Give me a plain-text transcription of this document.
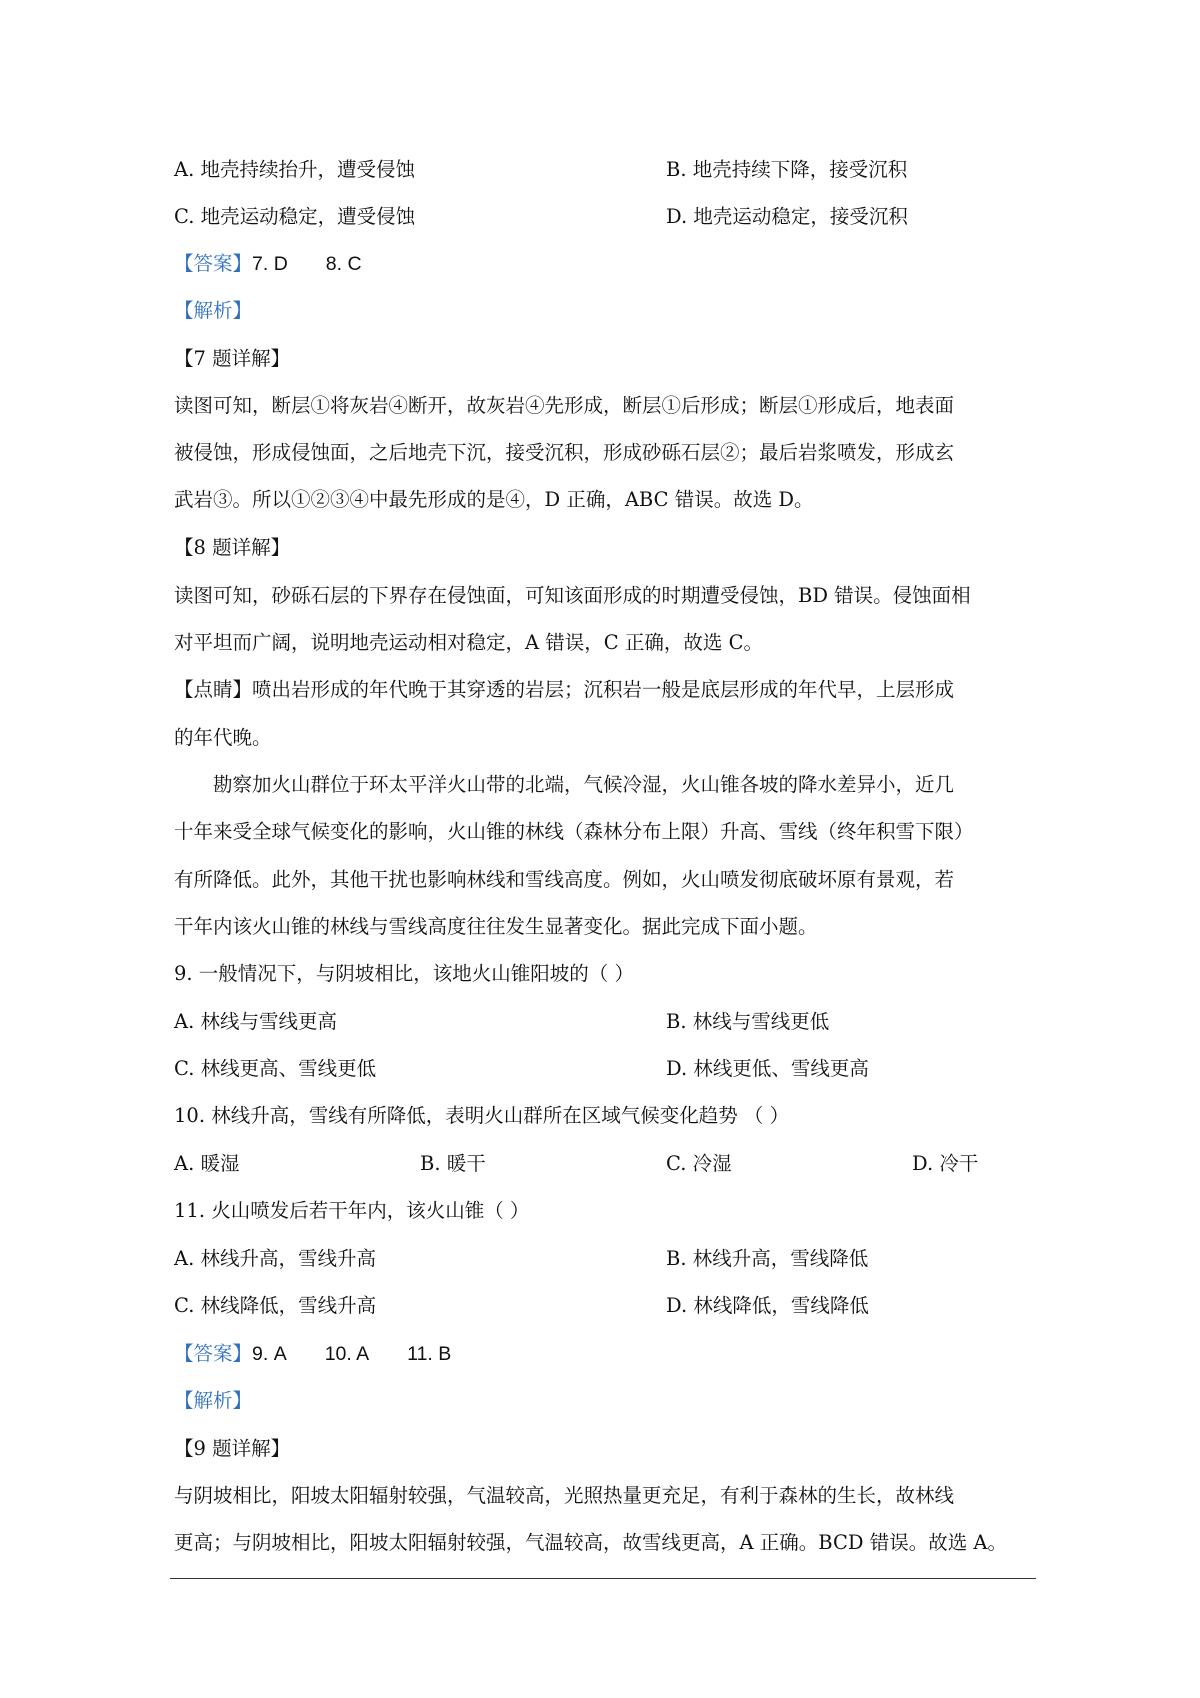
A. 地壳持续抬升，遭受侵蚀	B. 地壳持续下降，接受沉积
C. 地壳运动稳定，遭受侵蚀	D. 地壳运动稳定，接受沉积
【答案】7. D 8. C
【解析】
【7 题详解】
读图可知，断层①将灰岩④断开，故灰岩④先形成，断层①后形成；断层①形成后，地表面
被侵蚀，形成侵蚀面，之后地壳下沉，接受沉积，形成砂砾石层②；最后岩浆喷发，形成玄
武岩③。所以①②③④中最先形成的是④，D 正确，ABC 错误。故选 D。
【8 题详解】
读图可知，砂砾石层的下界存在侵蚀面，可知该面形成的时期遭受侵蚀，BD 错误。侵蚀面相
对平坦而广阔，说明地壳运动相对稳定，A 错误，C 正确，故选 C。
【点睛】喷出岩形成的年代晚于其穿透的岩层；沉积岩一般是底层形成的年代早，上层形成
的年代晚。
勘察加火山群位于环太平洋火山带的北端，气候冷湿，火山锥各坡的降水差异小，近几
十年来受全球气候变化的影响，火山锥的林线（森林分布上限）升高、雪线（终年积雪下限）
有所降低。此外，其他干扰也影响林线和雪线高度。例如，火山喷发彻底破坏原有景观，若
干年内该火山锥的林线与雪线高度往往发生显著变化。据此完成下面小题。
9. 一般情况下，与阴坡相比，该地火山锥阳坡的（ ）
A. 林线与雪线更高	B. 林线与雪线更低
C. 林线更高、雪线更低	D. 林线更低、雪线更高
10. 林线升高，雪线有所降低，表明火山群所在区域气候变化趋势 （ ）
A. 暖湿	B. 暖干	C. 冷湿	D. 冷干
11. 火山喷发后若干年内，该火山锥（ ）
A. 林线升高，雪线升高	B. 林线升高，雪线降低
C. 林线降低，雪线升高	D. 林线降低，雪线降低
【答案】9. A 10. A 11. B
【解析】
【9 题详解】
与阴坡相比，阳坡太阳辐射较强，气温较高，光照热量更充足，有利于森林的生长，故林线
更高；与阴坡相比，阳坡太阳辐射较强，气温较高，故雪线更高，A 正确。BCD 错误。故选 A。
